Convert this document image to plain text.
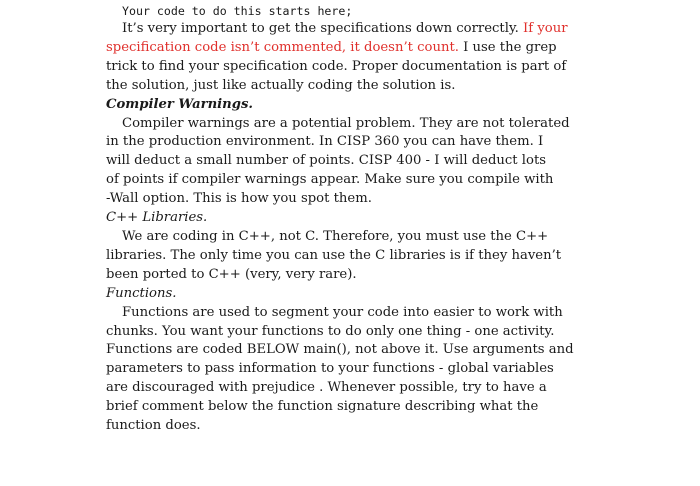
Your code to do this starts here;
It’s very important to get the specifications down correctly. If your
specification code isn’t commented, it doesn’t count. I use the grep
trick to find your specification code. Proper documentation is part of
the solution, just like actually coding the solution is.

Compiler Warnings.

Compiler warnings are a potential problem. They are not tolerated
in the production environment. In CISP 360 you can have them. I
will deduct a small number of points. CISP 400 - I will deduct lots
of points if compiler warnings appear. Make sure you compile with
-Wall option. This is how you spot them.

C++ Libraries.

We are coding in C++, not C. Therefore, you must use the C++
libraries. The only time you can use the C libraries is if they haven’t
been ported to C++ (very, very rare).

Functions.

Functions are used to segment your code into easier to work with
chunks. You want your functions to do only one thing - one activity.
Functions are coded BELOW main(), not above it. Use arguments and
parameters to pass information to your functions - global variables
are discouraged with prejudice . Whenever possible, try to have a
brief comment below the function signature describing what the
function does.
